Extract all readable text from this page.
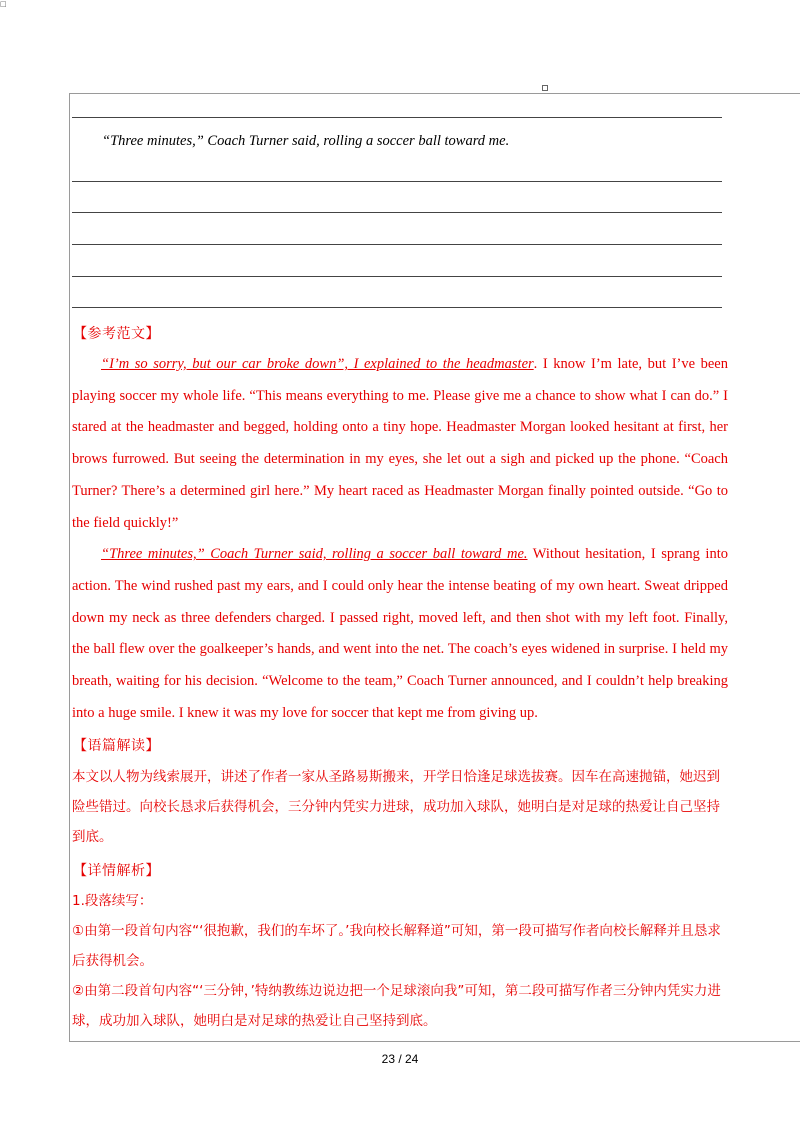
□
“Three minutes,” Coach Turner said, rolling a soccer ball toward me.
【参考范文】

“I’m so sorry, but our car broke down”, I explained to the headmaster. I know I’m late, but I’ve been playing soccer my whole life. “This means everything to me. Please give me a chance to show what I can do.” I stared at the headmaster and begged, holding onto a tiny hope. Headmaster Morgan looked hesitant at first, her brows furrowed. But seeing the determination in my eyes, she let out a sigh and picked up the phone. “Coach Turner? There’s a determined girl here.” My heart raced as Headmaster Morgan finally pointed outside. “Go to the field quickly!”

“Three minutes,” Coach Turner said, rolling a soccer ball toward me. Without hesitation, I sprang into action. The wind rushed past my ears, and I could only hear the intense beating of my own heart. Sweat dripped down my neck as three defenders charged. I passed right, moved left, and then shot with my left foot. Finally, the ball flew over the goalkeeper’s hands, and went into the net. The coach’s eyes widened in surprise. I held my breath, waiting for his decision. “Welcome to the team,” Coach Turner announced, and I couldn’t help breaking into a huge smile. I knew it was my love for soccer that kept me from giving up.

【语篇解读】

本文以人物为线索展开，讲述了作者一家从圣路易斯搬来，开学日恰逢足球选拔赛。因车在高速抛锚，她迟到险些错过。向校长恳求后获得机会，三分钟内凭实力进球，成功加入球队，她明白是对足球的热爱让自己坚持到底。

【详情解析】

1.段落续写：

①由第一段首句内容“‘很抱歉，我们的车坏了。’我向校长解释道”可知，第一段可描写作者向校长解释并且恳求后获得机会。

②由第二段首句内容“‘三分钟，’特纳教练边说边把一个足球滚向我”可知，第二段可描写作者三分钟内凭实力进球，成功加入球队，她明白是对足球的热爱让自己坚持到底。

23 / 24
